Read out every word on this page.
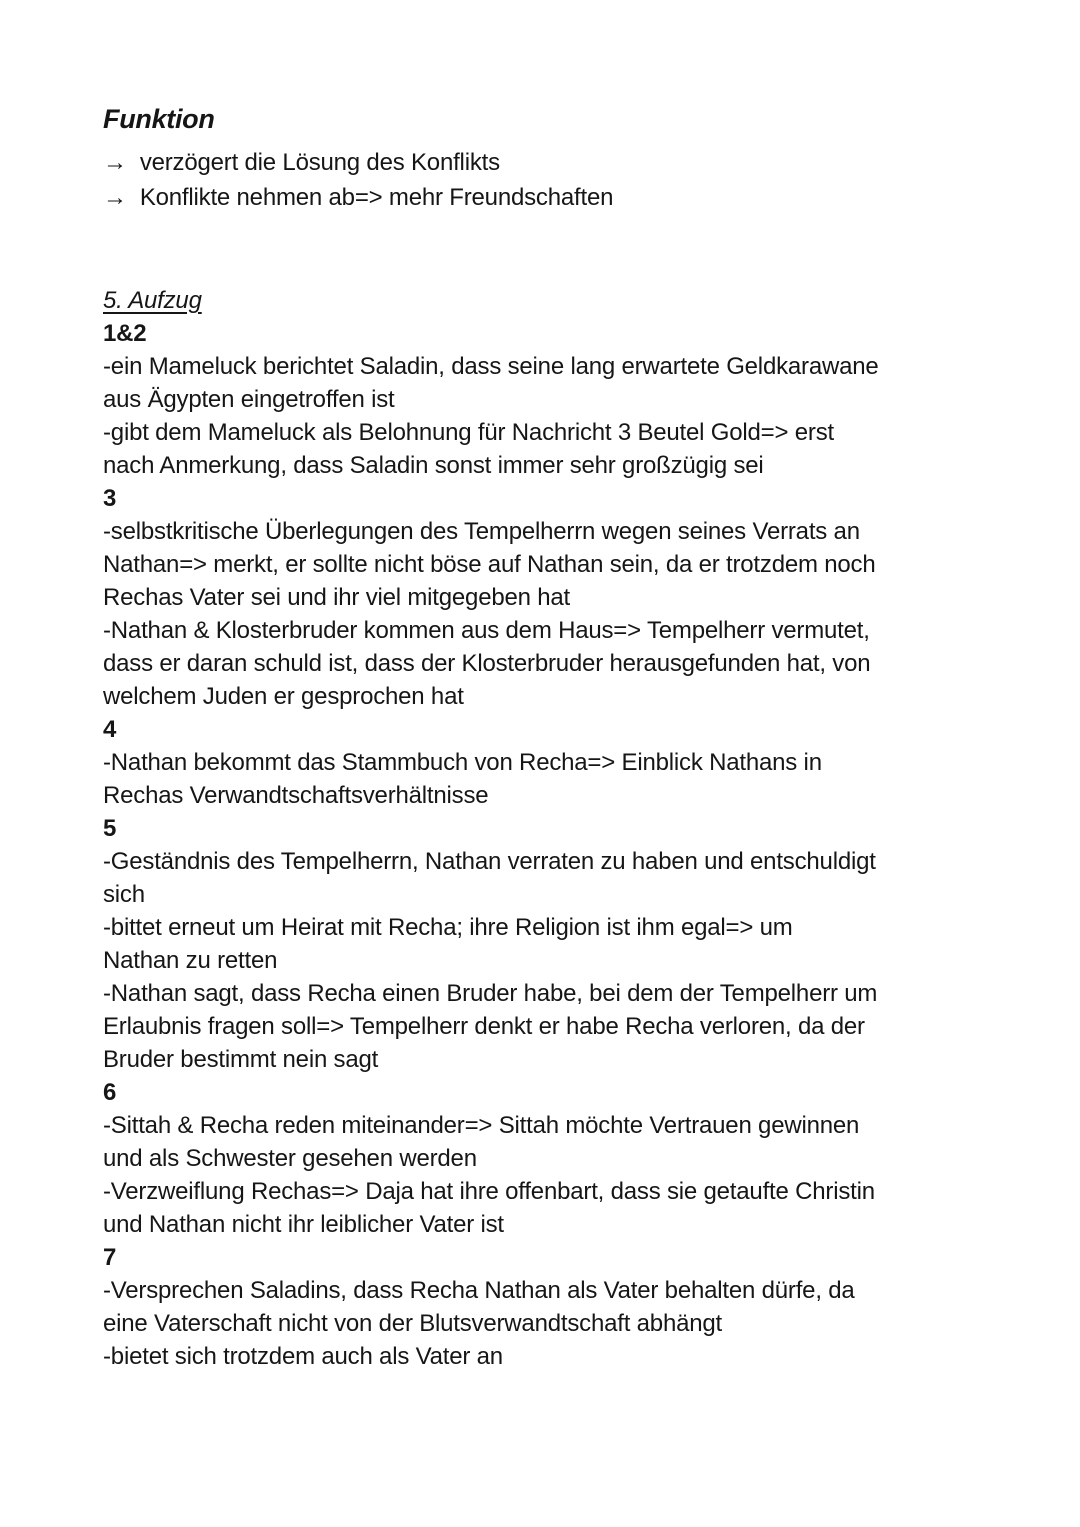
Funktion
→ verzögert die Lösung des Konflikts
→ Konflikte nehmen ab=> mehr Freundschaften
5. Aufzug
1&2
-ein Mameluck berichtet Saladin, dass seine lang erwartete Geldkarawane
aus Ägypten eingetroffen ist
-gibt dem Mameluck als Belohnung für Nachricht 3 Beutel Gold=> erst
nach Anmerkung, dass Saladin sonst immer sehr großzügig sei
3
-selbstkritische Überlegungen des Tempelherrn wegen seines Verrats an
Nathan=> merkt, er sollte nicht böse auf Nathan sein, da er trotzdem noch
Rechas Vater sei und ihr viel mitgegeben hat
-Nathan & Klosterbruder kommen aus dem Haus=> Tempelherr vermutet,
dass er daran schuld ist, dass der Klosterbruder herausgefunden hat, von
welchem Juden er gesprochen hat
4
-Nathan bekommt das Stammbuch von Recha=> Einblick Nathans in
Rechas Verwandtschaftsverhältnisse
5
-Geständnis des Tempelherrn, Nathan verraten zu haben und entschuldigt
sich
-bittet erneut um Heirat mit Recha; ihre Religion ist ihm egal=> um
Nathan zu retten
-Nathan sagt, dass Recha einen Bruder habe, bei dem der Tempelherr um
Erlaubnis fragen soll=> Tempelherr denkt er habe Recha verloren, da der
Bruder bestimmt nein sagt
6
-Sittah & Recha reden miteinander=> Sittah möchte Vertrauen gewinnen
und als Schwester gesehen werden
-Verzweiflung Rechas=> Daja hat ihre offenbart, dass sie getaufte Christin
und Nathan nicht ihr leiblicher Vater ist
7
-Versprechen Saladins, dass Recha Nathan als Vater behalten dürfe, da
eine Vaterschaft nicht von der Blutsverwandtschaft abhängt
-bietet sich trotzdem auch als Vater an
